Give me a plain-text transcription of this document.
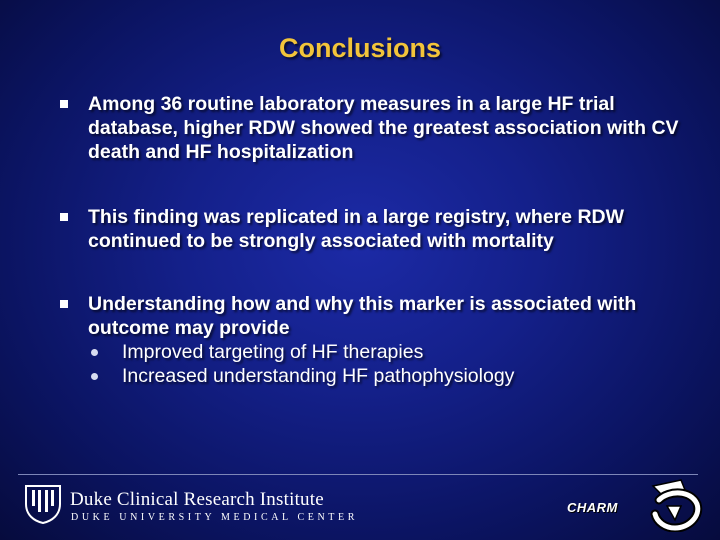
Conclusions
Among 36 routine laboratory measures in a large HF trial database, higher RDW showed the greatest association with CV death and HF hospitalization
This finding was replicated in a large registry, where RDW continued to be strongly associated with mortality
Understanding how and why this marker is associated with outcome may provide
Improved targeting of HF therapies
Increased understanding HF pathophysiology
Duke Clinical Research Institute
DUKE UNIVERSITY MEDICAL CENTER
CHARM
